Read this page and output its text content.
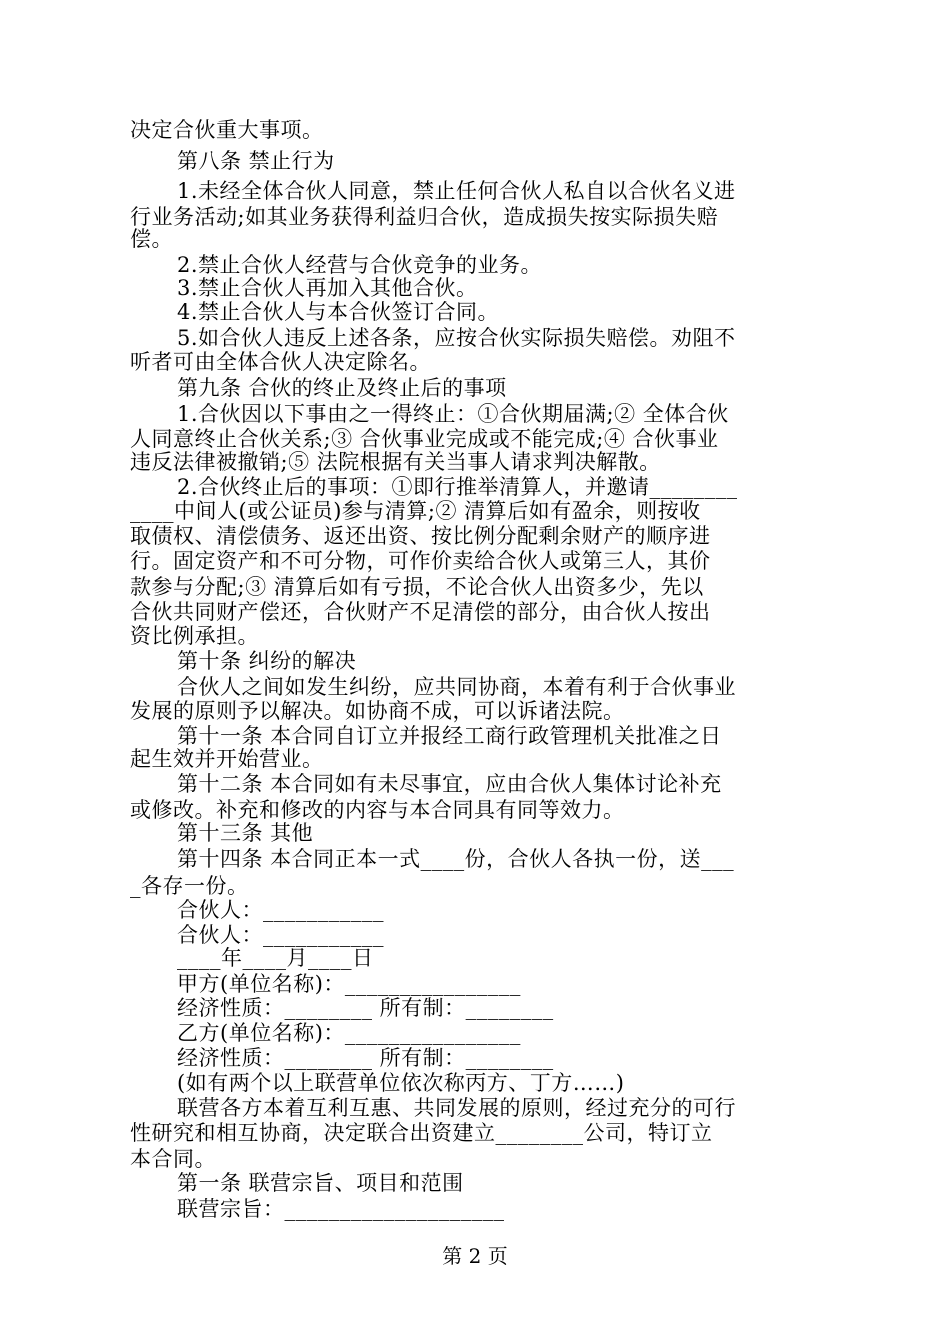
决定合伙重大事项。
第八条 禁止行为
1.未经全体合伙人同意，禁止任何合伙人私自以合伙名义进
行业务活动;如其业务获得利益归合伙，造成损失按实际损失赔
偿。
2.禁止合伙人经营与合伙竞争的业务。
3.禁止合伙人再加入其他合伙。
4.禁止合伙人与本合伙签订合同。
5.如合伙人违反上述各条，应按合伙实际损失赔偿。劝阻不
听者可由全体合伙人决定除名。
第九条 合伙的终止及终止后的事项
1.合伙因以下事由之一得终止：①合伙期届满;② 全体合伙
人同意终止合伙关系;③ 合伙事业完成或不能完成;④ 合伙事业
违反法律被撤销;⑤ 法院根据有关当事人请求判决解散。
2.合伙终止后的事项：①即行推举清算人，并邀请________
____中间人(或公证员)参与清算;② 清算后如有盈余，则按收
取债权、清偿债务、返还出资、按比例分配剩余财产的顺序进
行。固定资产和不可分物，可作价卖给合伙人或第三人，其价
款参与分配;③ 清算后如有亏损，不论合伙人出资多少，先以
合伙共同财产偿还，合伙财产不足清偿的部分，由合伙人按出
资比例承担。
第十条 纠纷的解决
合伙人之间如发生纠纷，应共同协商，本着有利于合伙事业
发展的原则予以解决。如协商不成，可以诉诸法院。
第十一条 本合同自订立并报经工商行政管理机关批准之日
起生效并开始营业。
第十二条 本合同如有未尽事宜，应由合伙人集体讨论补充
或修改。补充和修改的内容与本合同具有同等效力。
第十三条 其他
第十四条 本合同正本一式____份，合伙人各执一份，送___
_各存一份。
合伙人：___________
合伙人：___________
____年____月____日
甲方(单位名称)：________________
经济性质：________ 所有制：________
乙方(单位名称)：________________
经济性质：________ 所有制：________
(如有两个以上联营单位依次称丙方、丁方……)
联营各方本着互利互惠、共同发展的原则，经过充分的可行
性研究和相互协商，决定联合出资建立________公司，特订立
本合同。
第一条 联营宗旨、项目和范围
联营宗旨：____________________
第 2 页
